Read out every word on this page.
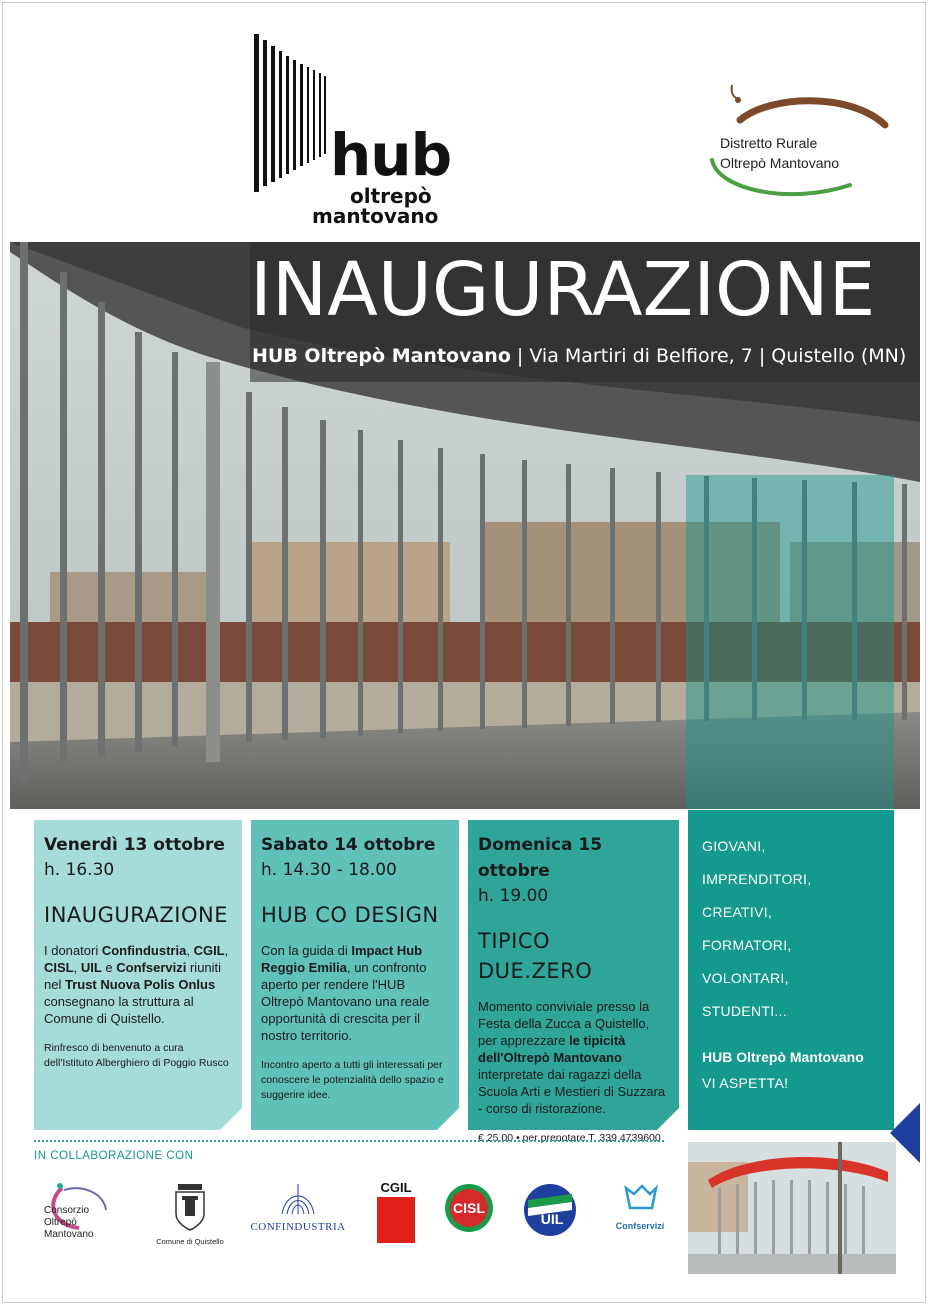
hub
oltrepò
mantovano
Distretto Rurale
Oltrepò Mantovano
INAUGURAZIONE
HUB Oltrepò Mantovano | Via Martiri di Belfiore, 7 | Quistello (MN)

Venerdì 13 ottobre

h. 16.30

INAUGURAZIONE
I donatori Confindustria, CGIL, CISL, UIL e Confservizi riuniti nel Trust Nuova Polis Onlus consegnano la struttura al Comune di Quistello.
Rinfresco di benvenuto a cura dell'Istituto Alberghiero di Poggio Rusco

Sabato 14 ottobre

h. 14.30 - 18.00

HUB CO DESIGN
Con la guida di Impact Hub Reggio Emilia, un confronto aperto per rendere l'HUB Oltrepò Mantovano una reale opportunità di crescita per il nostro territorio.
Incontro aperto a tutti gli interessati per conoscere le potenzialità dello spazio e suggerire idee.

Domenica 15 ottobre

h. 19.00

TIPICO DUE.ZERO
Momento conviviale presso la Festa della Zucca a Quistello, per apprezzare le tipicità dell'Oltrepò Mantovano interpretate dai ragazzi della Scuola Arti e Mestieri di Suzzara - corso di ristorazione.
€ 25,00 • per prenotare T. 339 4739600
GIOVANI,
IMPRENDITORI,
CREATIVI,
FORMATORI,
VOLONTARI,
STUDENTI...
HUB Oltrepò Mantovano
VI ASPETTA!
IN COLLABORAZIONE CON
Consorzio
Oltrepò Mantovano
Comune di Quistello
CONFINDUSTRIA
CGIL
CISL
UIL	Confservizi
